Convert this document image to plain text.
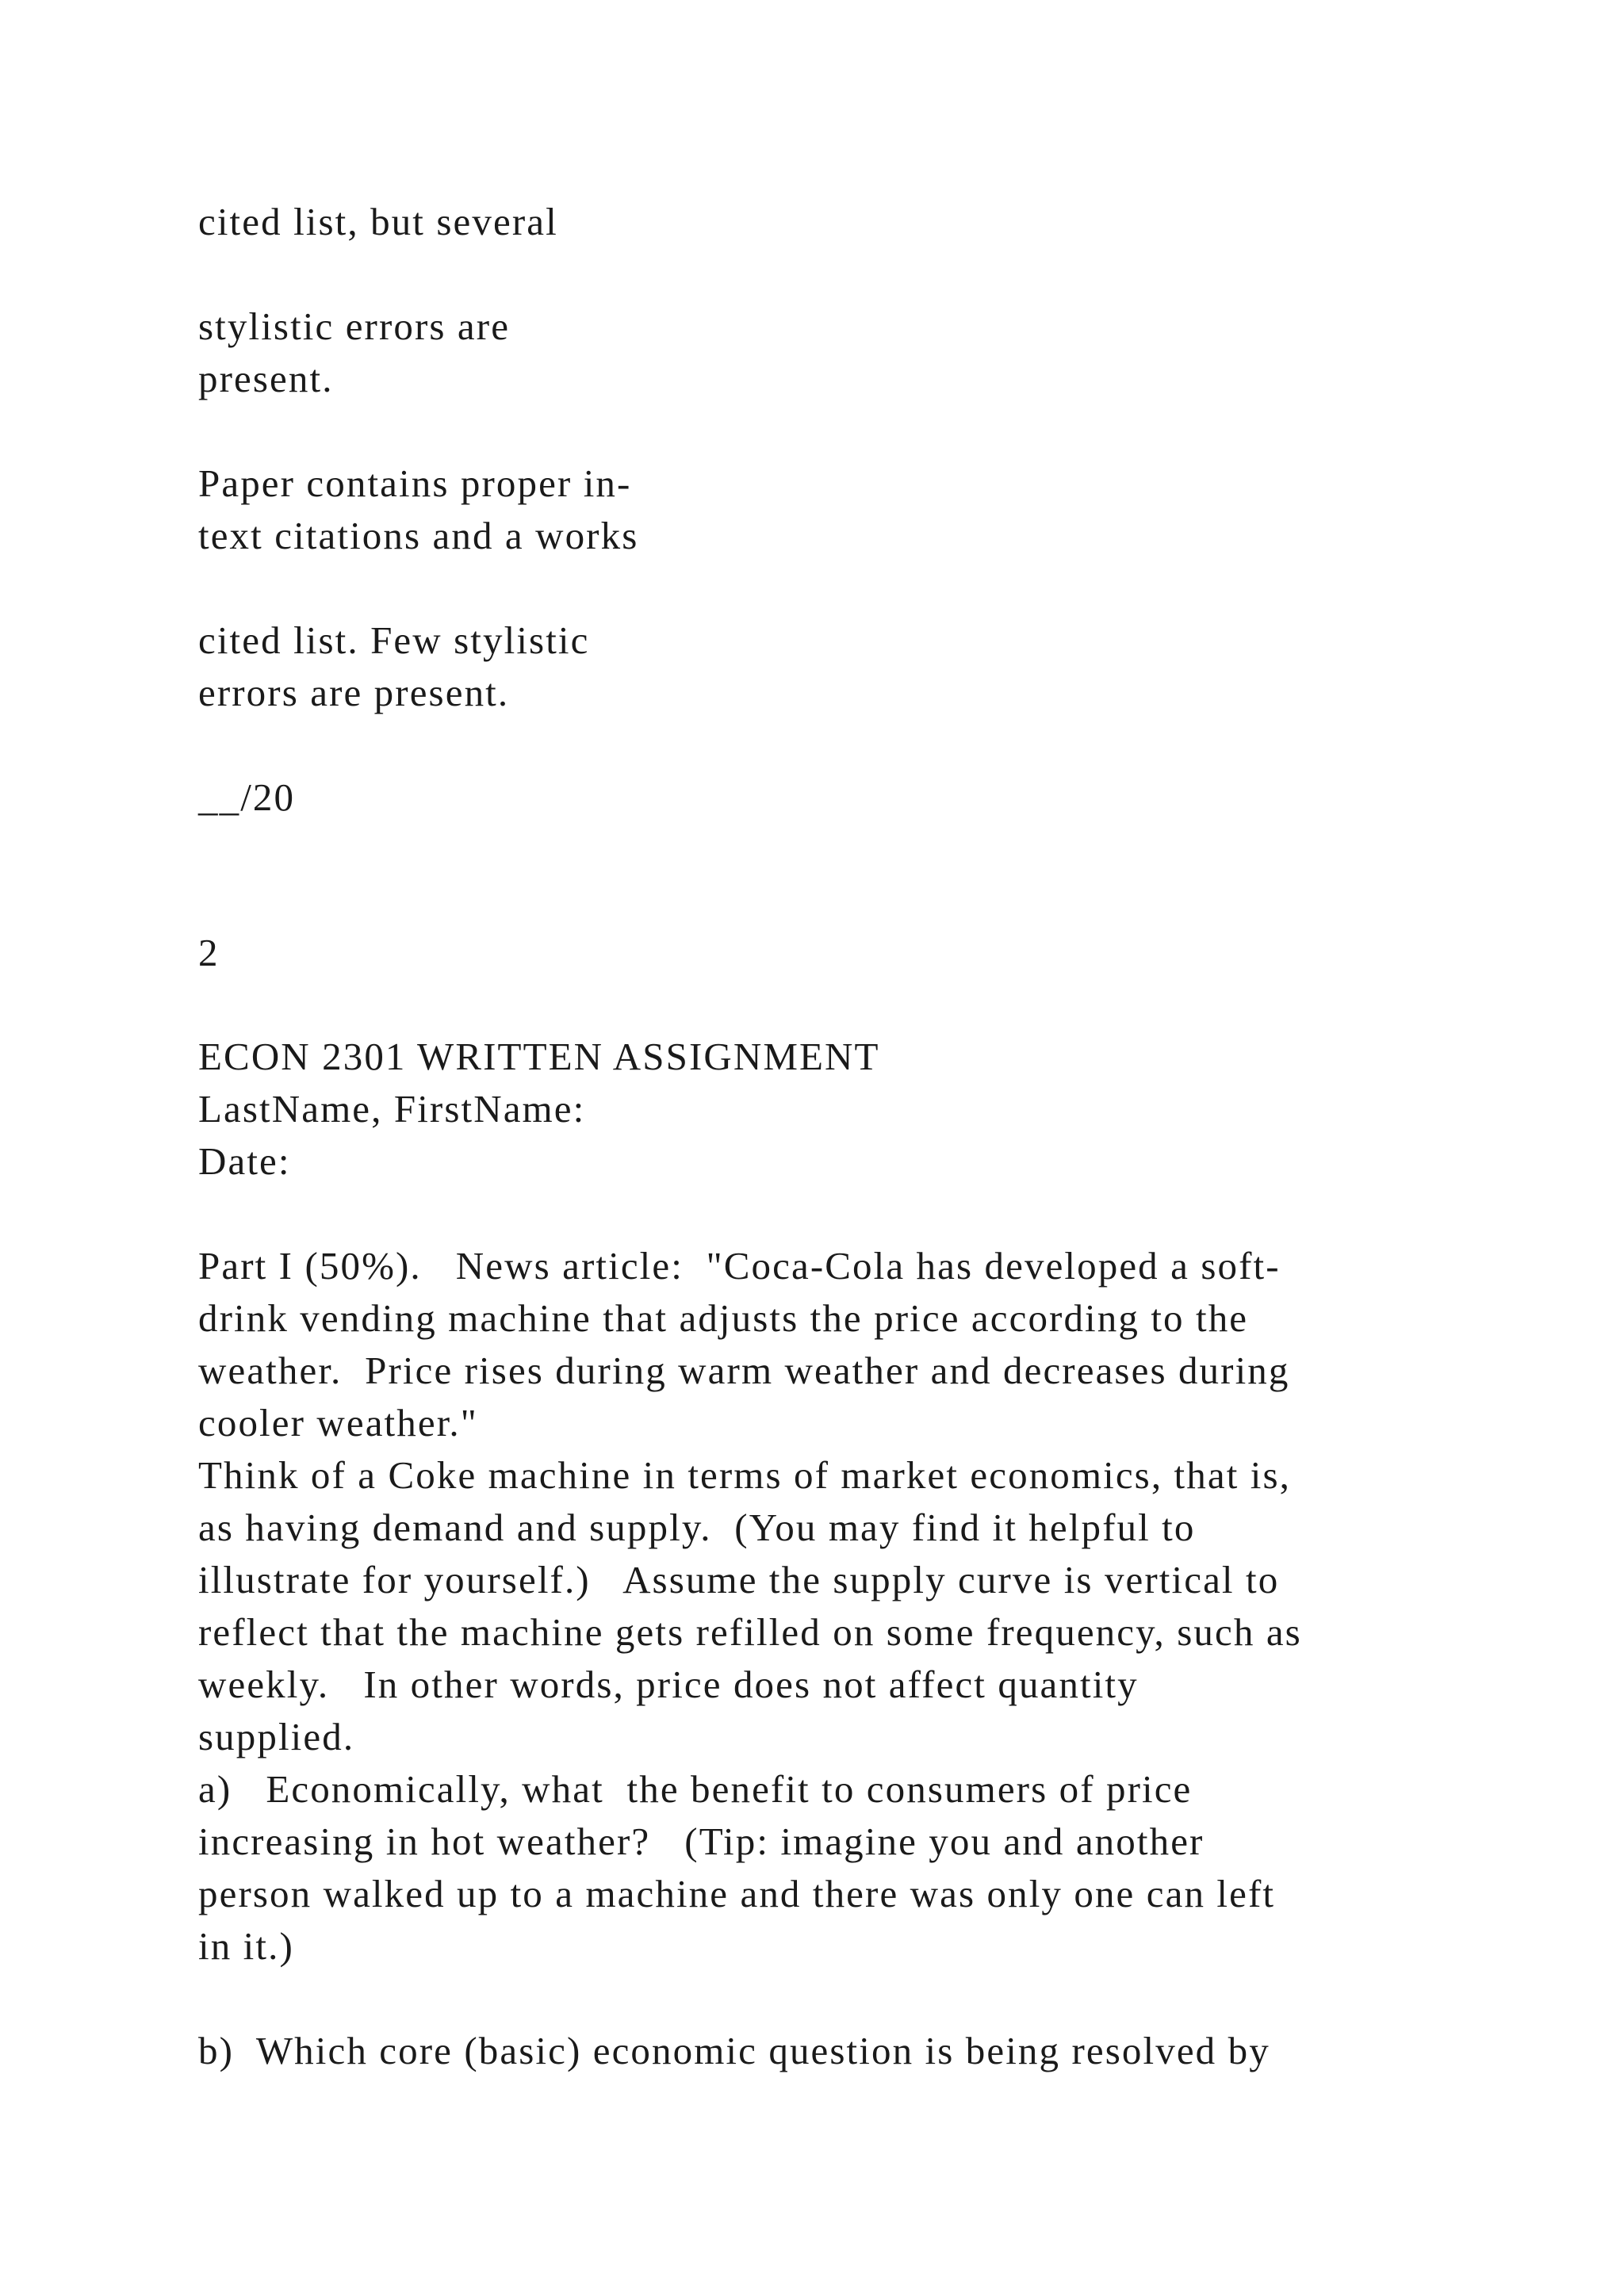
cited list, but several

stylistic errors are

present.

Paper contains proper in-

text citations and a works

cited list. Few stylistic

errors are present.

__/20

2

ECON 2301 WRITTEN ASSIGNMENT

LastName, FirstName:

Date:

Part I (50%).   News article:  "Coca-Cola has developed a soft-

drink vending machine that adjusts the price according to the

weather.  Price rises during warm weather and decreases during

cooler weather."

Think of a Coke machine in terms of market economics, that is,

as having demand and supply.  (You may find it helpful to

illustrate for yourself.)   Assume the supply curve is vertical to

reflect that the machine gets refilled on some frequency, such as

weekly.   In other words, price does not affect quantity

supplied.

a)   Economically, what  the benefit to consumers of price

increasing in hot weather?   (Tip: imagine you and another

person walked up to a machine and there was only one can left

in it.)

b)  Which core (basic) economic question is being resolved by
